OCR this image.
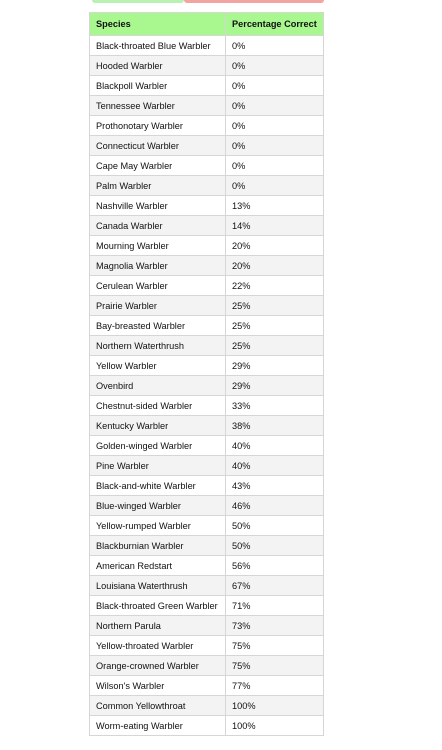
Species	Percentage Correct
Black-throated Blue Warbler	0%
Hooded Warbler	0%
Blackpoll Warbler	0%
Tennessee Warbler	0%
Prothonotary Warbler	0%
Connecticut Warbler	0%
Cape May Warbler	0%
Palm Warbler	0%
Nashville Warbler	13%
Canada Warbler	14%
Mourning Warbler	20%
Magnolia Warbler	20%
Cerulean Warbler	22%
Prairie Warbler	25%
Bay-breasted Warbler	25%
Northern Waterthrush	25%
Yellow Warbler	29%
Ovenbird	29%
Chestnut-sided Warbler	33%
Kentucky Warbler	38%
Golden-winged Warbler	40%
Pine Warbler	40%
Black-and-white Warbler	43%
Blue-winged Warbler	46%
Yellow-rumped Warbler	50%
Blackburnian Warbler	50%
American Redstart	56%
Louisiana Waterthrush	67%
Black-throated Green Warbler	71%
Northern Parula	73%
Yellow-throated Warbler	75%
Orange-crowned Warbler	75%
Wilson's Warbler	77%
Common Yellowthroat	100%
Worm-eating Warbler	100%
